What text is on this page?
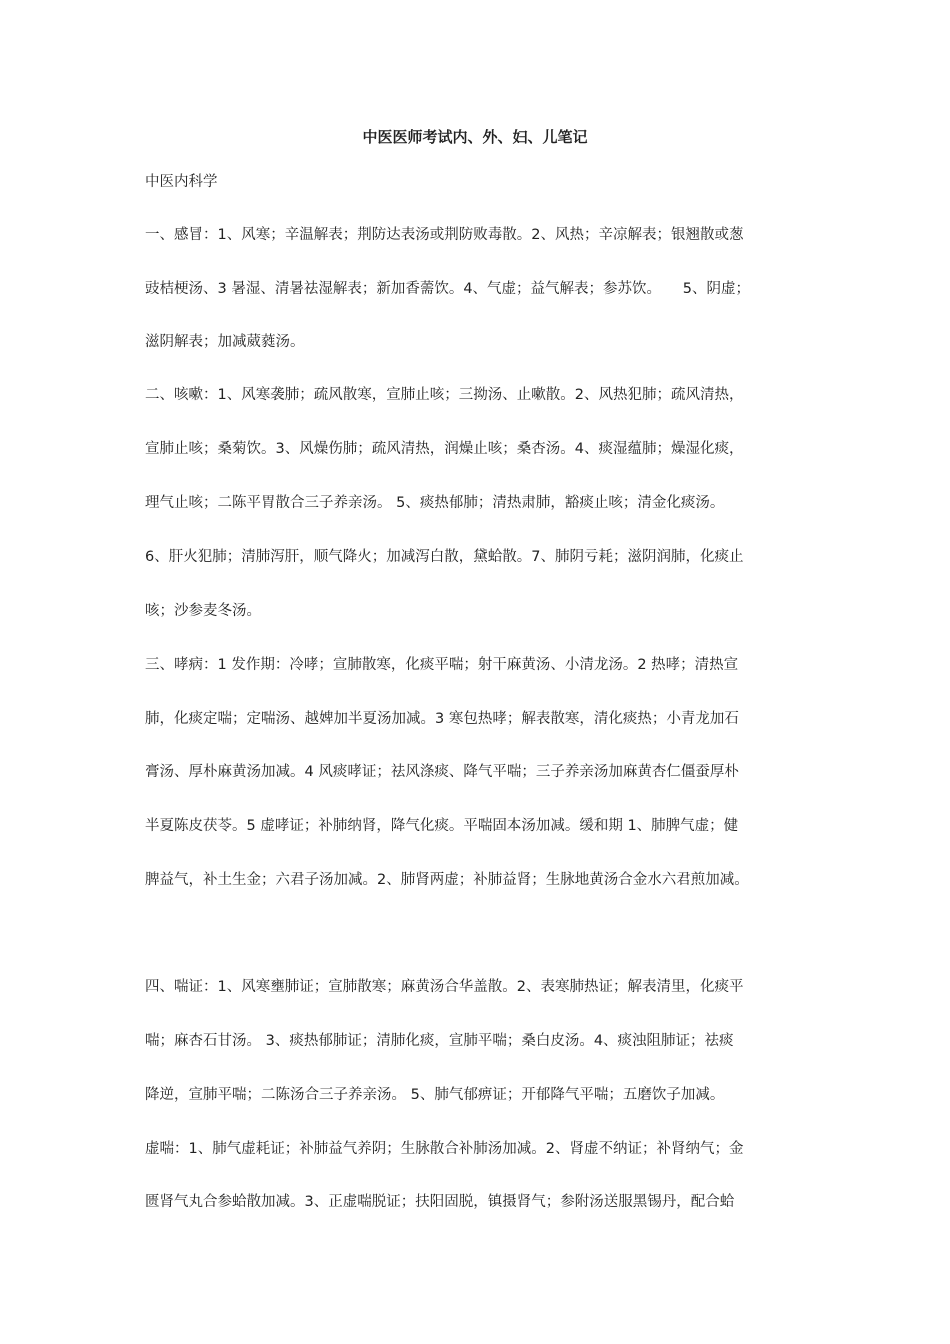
中医医师考试内、外、妇、儿笔记
中医内科学
一、感冒：1、风寒；辛温解表；荆防达表汤或荆防败毒散。2、风热；辛凉解表；银翘散或葱
豉桔梗汤、3 暑湿、清暑祛湿解表；新加香薷饮。4、气虚；益气解表；参苏饮。　　5、阴虚；
滋阴解表；加减葳蕤汤。
二、咳嗽：1、风寒袭肺；疏风散寒，宣肺止咳；三拗汤、止嗽散。2、风热犯肺；疏风清热，
宣肺止咳；桑菊饮。3、风燥伤肺；疏风清热，润燥止咳；桑杏汤。4、痰湿蕴肺；燥湿化痰，
理气止咳；二陈平胃散合三子养亲汤。 5、痰热郁肺；清热肃肺，豁痰止咳；清金化痰汤。
6、肝火犯肺；清肺泻肝，顺气降火；加减泻白散，黛蛤散。7、肺阴亏耗；滋阴润肺，化痰止
咳；沙参麦冬汤。
三、哮病：1 发作期：冷哮；宣肺散寒，化痰平喘；射干麻黄汤、小清龙汤。2 热哮；清热宣
肺，化痰定喘；定喘汤、越婢加半夏汤加减。3 寒包热哮；解表散寒，清化痰热；小青龙加石
膏汤、厚朴麻黄汤加减。4 风痰哮证；祛风涤痰、降气平喘；三子养亲汤加麻黄杏仁僵蚕厚朴
半夏陈皮茯苓。5 虚哮证；补肺纳肾，降气化痰。平喘固本汤加减。缓和期 1、肺脾气虚；健
脾益气，补土生金；六君子汤加减。2、肺肾两虚；补肺益肾；生脉地黄汤合金水六君煎加减。
四、喘证：1、风寒壅肺证；宣肺散寒；麻黄汤合华盖散。2、表寒肺热证；解表清里，化痰平
喘；麻杏石甘汤。 3、痰热郁肺证；清肺化痰，宣肺平喘；桑白皮汤。4、痰浊阻肺证；祛痰
降逆，宣肺平喘；二陈汤合三子养亲汤。 5、肺气郁痹证；开郁降气平喘；五磨饮子加减。
虚喘：1、肺气虚耗证；补肺益气养阴；生脉散合补肺汤加减。2、肾虚不纳证；补肾纳气；金
匮肾气丸合参蛤散加减。3、正虚喘脱证；扶阳固脱，镇摄肾气；参附汤送服黑锡丹，配合蛤
